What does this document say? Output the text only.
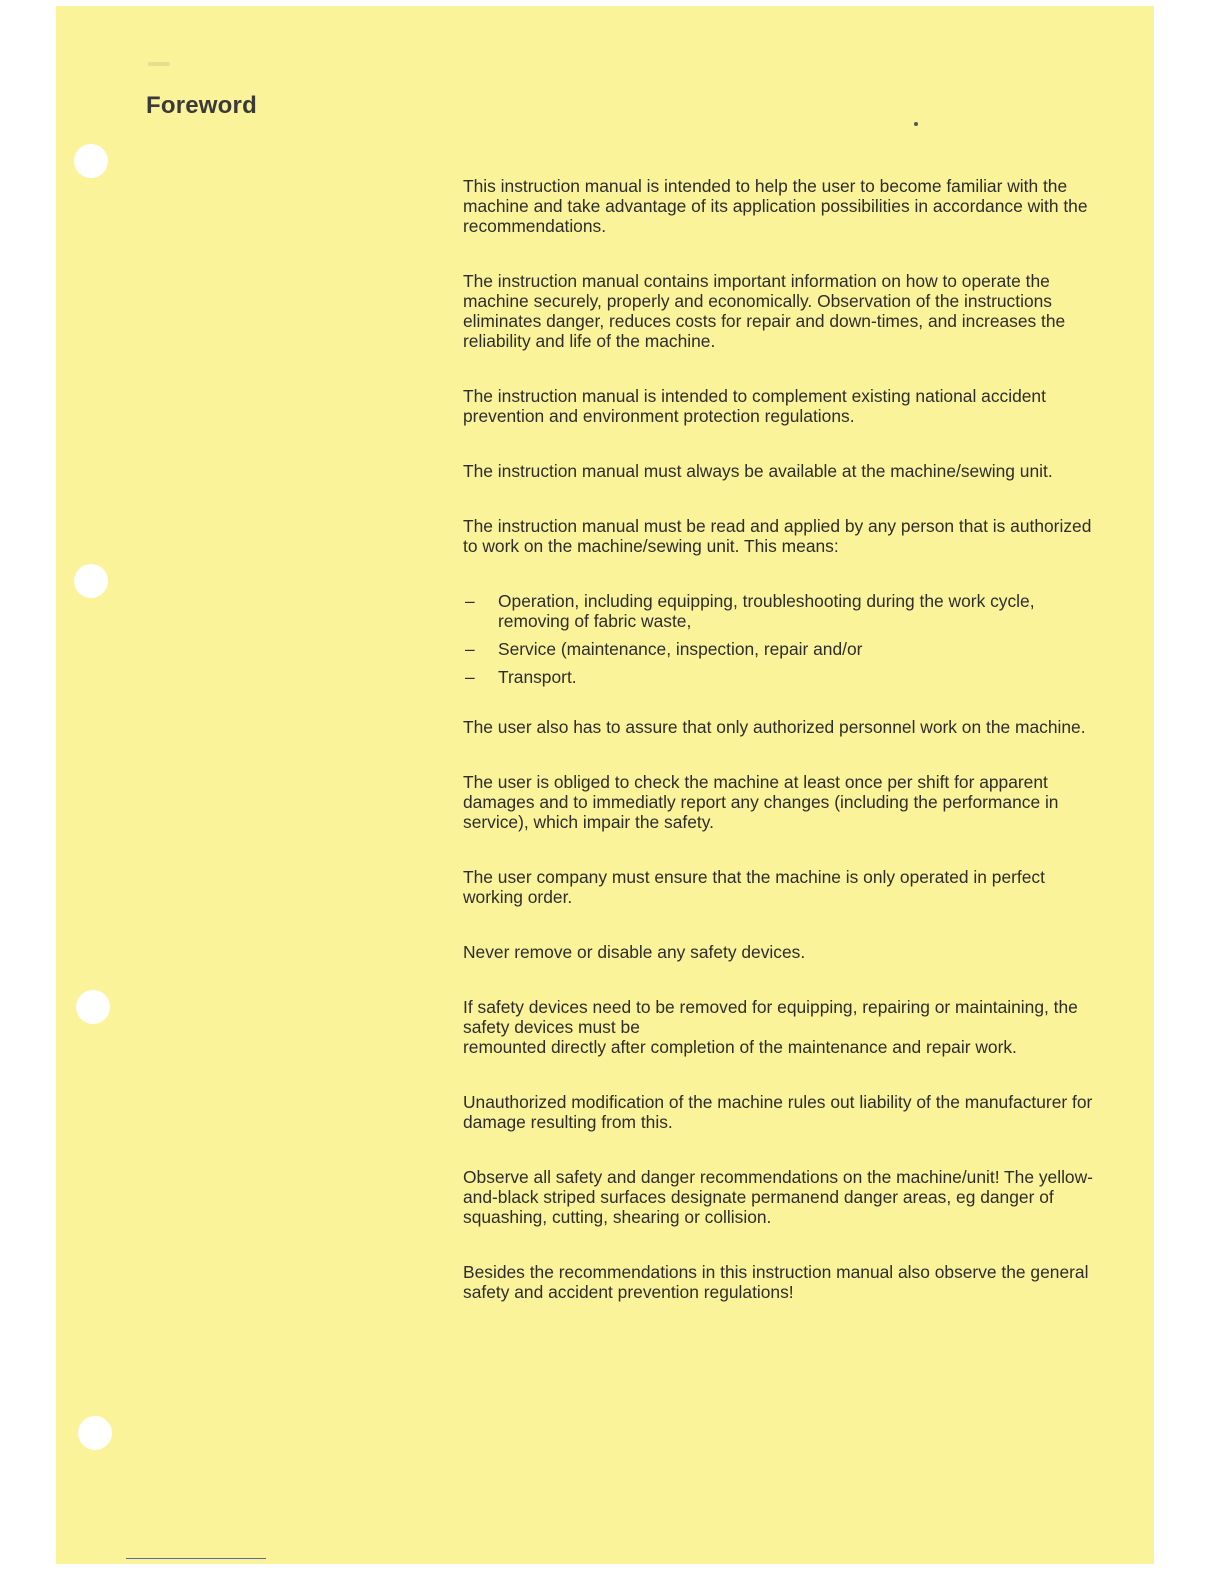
Foreword

This instruction manual is intended to help the user to become familiar with the machine and take advantage of its application possibilities in accordance with the recommendations.

The instruction manual contains important information on how to operate the machine securely, properly and economically. Observation of the instructions eliminates danger, reduces costs for repair and down-times, and increases the reliability and life of the machine.

The instruction manual is intended to complement existing national accident prevention and environment protection regulations.

The instruction manual must always be available at the machine/sewing unit.

The instruction manual must be read and applied by any person that is authorized to work on the machine/sewing unit. This means:

– Operation, including equipping, troubleshooting during the work cycle, removing of fabric waste,
– Service (maintenance, inspection, repair and/or
– Transport.

The user also has to assure that only authorized personnel work on the machine.

The user is obliged to check the machine at least once per shift for apparent damages and to immediatly report any changes (including the performance in service), which impair the safety.

The user company must ensure that the machine is only operated in perfect working order.

Never remove or disable any safety devices.

If safety devices need to be removed for equipping, repairing or maintaining, the safety devices must be

remounted directly after completion of the maintenance and repair work.

Unauthorized modification of the machine rules out liability of the manufacturer for damage resulting from this.

Observe all safety and danger recommendations on the machine/unit! The yellow-and-black striped surfaces designate permanend danger areas, eg danger of squashing, cutting, shearing or collision.

Besides the recommendations in this instruction manual also observe the general safety and accident prevention regulations!
